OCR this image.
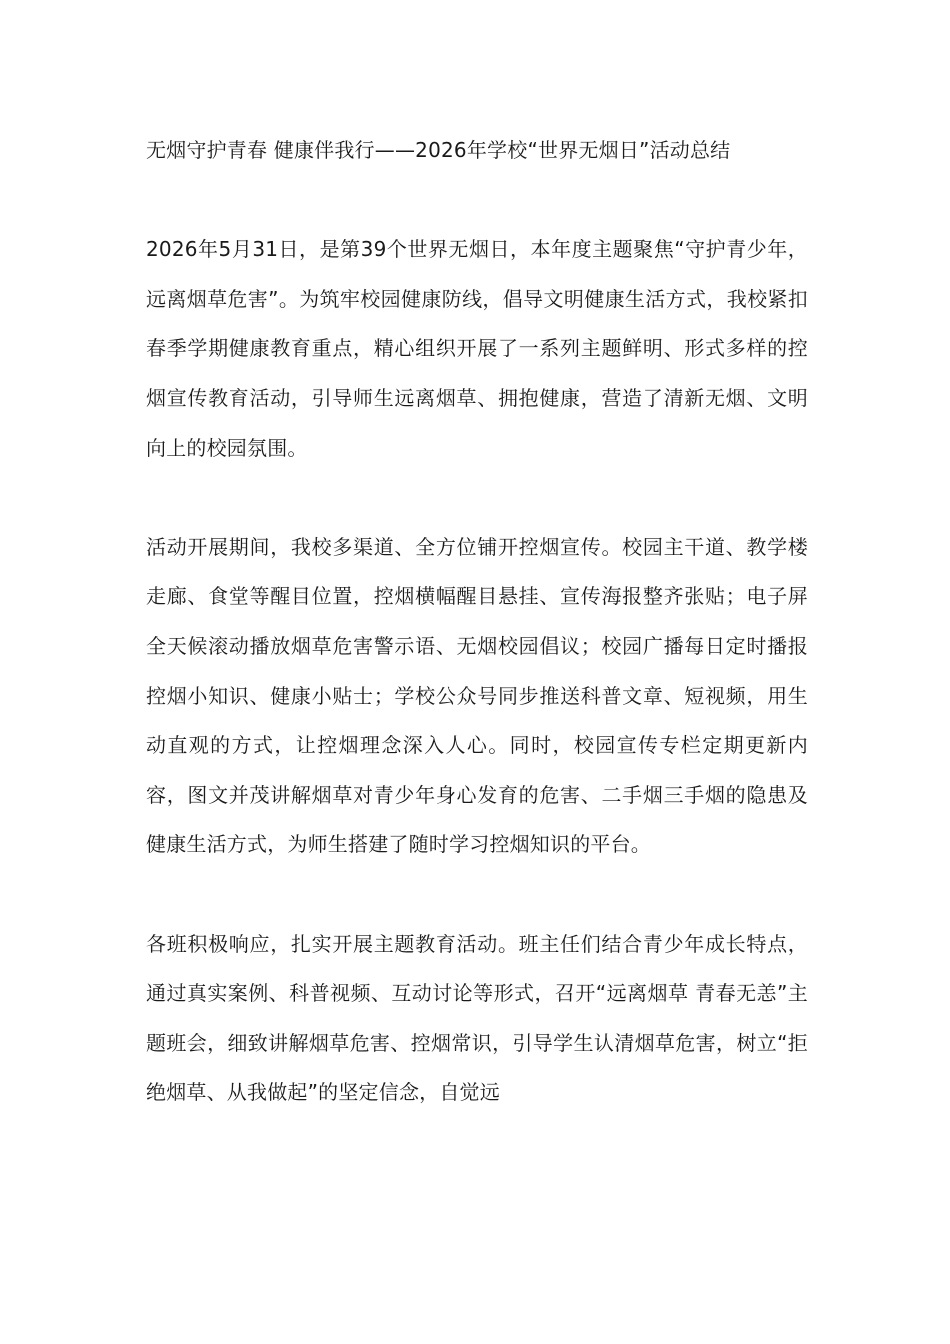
无烟守护青春 健康伴我行——2026年学校“世界无烟日”活动总结

2026年5月31日，是第39个世界无烟日，本年度主题聚焦“守护青少年，远离烟草危害”。为筑牢校园健康防线，倡导文明健康生活方式，我校紧扣春季学期健康教育重点，精心组织开展了一系列主题鲜明、形式多样的控烟宣传教育活动，引导师生远离烟草、拥抱健康，营造了清新无烟、文明向上的校园氛围。

活动开展期间，我校多渠道、全方位铺开控烟宣传。校园主干道、教学楼走廊、食堂等醒目位置，控烟横幅醒目悬挂、宣传海报整齐张贴；电子屏全天候滚动播放烟草危害警示语、无烟校园倡议；校园广播每日定时播报控烟小知识、健康小贴士；学校公众号同步推送科普文章、短视频，用生动直观的方式，让控烟理念深入人心。同时，校园宣传专栏定期更新内容，图文并茂讲解烟草对青少年身心发育的危害、二手烟三手烟的隐患及健康生活方式，为师生搭建了随时学习控烟知识的平台。

各班积极响应，扎实开展主题教育活动。班主任们结合青少年成长特点，通过真实案例、科普视频、互动讨论等形式，召开“远离烟草 青春无恙”主题班会，细致讲解烟草危害、控烟常识，引导学生认清烟草危害，树立“拒绝烟草、从我做起”的坚定信念，自觉远
